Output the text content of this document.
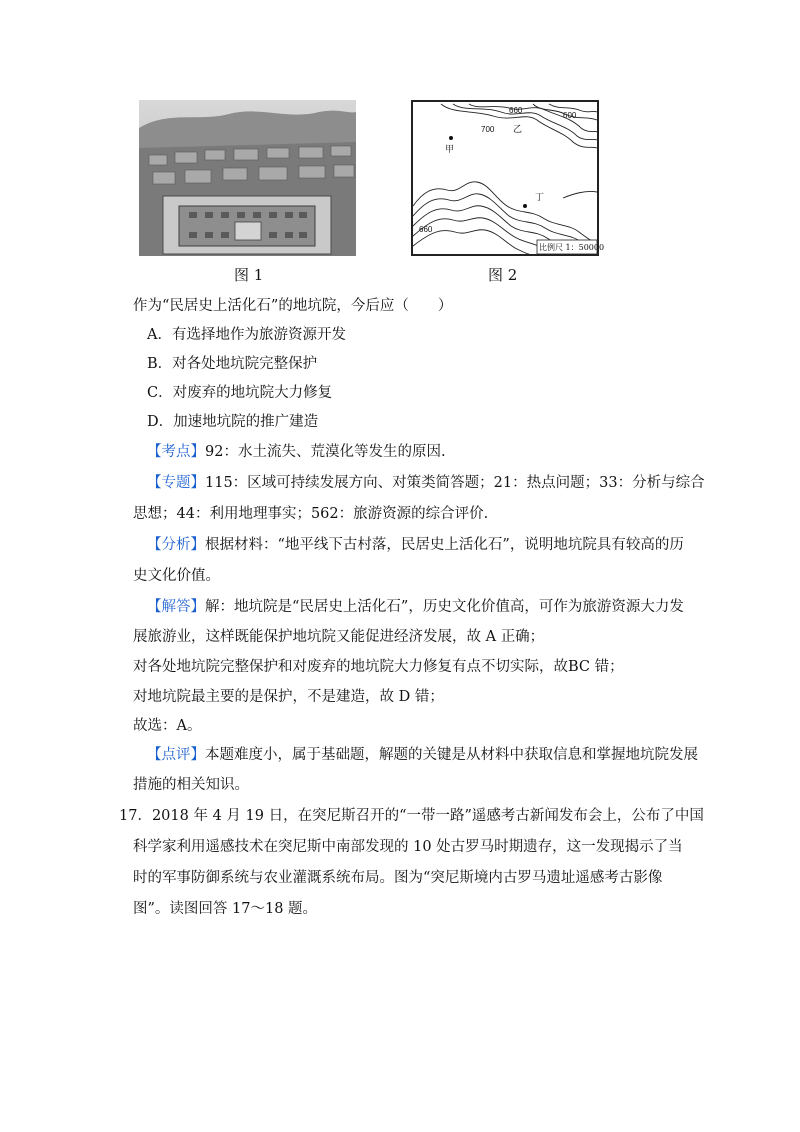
图 1
660
700
600
660
乙
甲
丁
比例尺 1：50000
图 2
作为“民居史上活化石”的地坑院，今后应（　　）
A．有选择地作为旅游资源开发
B．对各处地坑院完整保护
C．对废弃的地坑院大力修复
D．加速地坑院的推广建造
【考点】92：水土流失、荒漠化等发生的原因.
【专题】115：区域可持续发展方向、对策类简答题；21：热点问题；33：分析与综合
思想；44：利用地理事实；562：旅游资源的综合评价.
【分析】根据材料：“地平线下古村落，民居史上活化石”，说明地坑院具有较高的历
史文化价值。
【解答】解：地坑院是“民居史上活化石”，历史文化价值高，可作为旅游资源大力发
展旅游业，这样既能保护地坑院又能促进经济发展，故 A 正确；
对各处地坑院完整保护和对废弃的地坑院大力修复有点不切实际，故BC 错；
对地坑院最主要的是保护，不是建造，故 D 错；
故选：A。
【点评】本题难度小，属于基础题，解题的关键是从材料中获取信息和掌握地坑院发展
措施的相关知识。
17．2018 年 4 月 19 日，在突尼斯召开的“一带一路”遥感考古新闻发布会上，公布了中国
科学家利用遥感技术在突尼斯中南部发现的 10 处古罗马时期遗存，这一发现揭示了当
时的军事防御系统与农业灌溉系统布局。图为“突尼斯境内古罗马遗址遥感考古影像
图”。读图回答 17～18 题。
